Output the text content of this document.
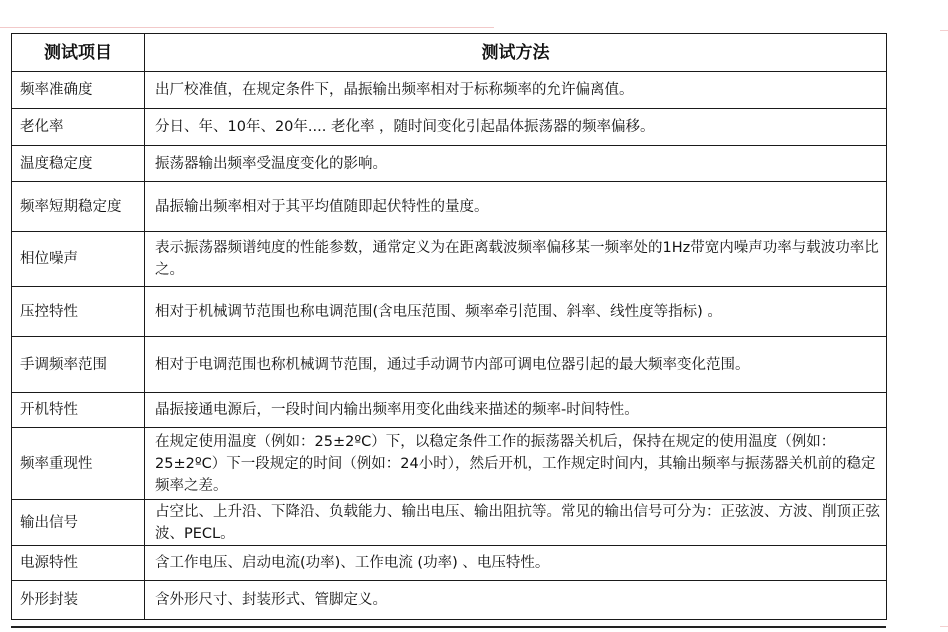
测试项目	测试方法
频率准确度	出厂校准值，在规定条件下，晶振输出频率相对于标称频率的允许偏离值。
老化率	分日、年、10年、20年.... 老化率 ，随时间变化引起晶体振荡器的频率偏移。
温度稳定度	振荡器输出频率受温度变化的影响。
频率短期稳定度	晶振输出频率相对于其平均值随即起伏特性的量度。
相位噪声	表示振荡器频谱纯度的性能参数，通常定义为在距离载波频率偏移某一频率处的1Hz带宽内噪声功率与载波功率比之。
压控特性	相对于机械调节范围也称电调范围(含电压范围、频率牵引范围、斜率、线性度等指标) 。
手调频率范围	相对于电调范围也称机械调节范围，通过手动调节内部可调电位器引起的最大频率变化范围。
开机特性	晶振接通电源后，一段时间内输出频率用变化曲线来描述的频率-时间特性。
频率重现性	在规定使用温度（例如：25±2ºC）下，以稳定条件工作的振荡器关机后，保持在规定的使用温度（例如：25±2ºC）下一段规定的时间（例如：24小时），然后开机，工作规定时间内，其输出频率与振荡器关机前的稳定频率之差。
输出信号	占空比、上升沿、下降沿、负载能力、输出电压、输出阻抗等。常见的输出信号可分为：正弦波、方波、削顶正弦波、PECL。
电源特性	含工作电压、启动电流(功率)、工作电流 (功率) 、电压特性。
外形封装	含外形尺寸、封装形式、管脚定义。
